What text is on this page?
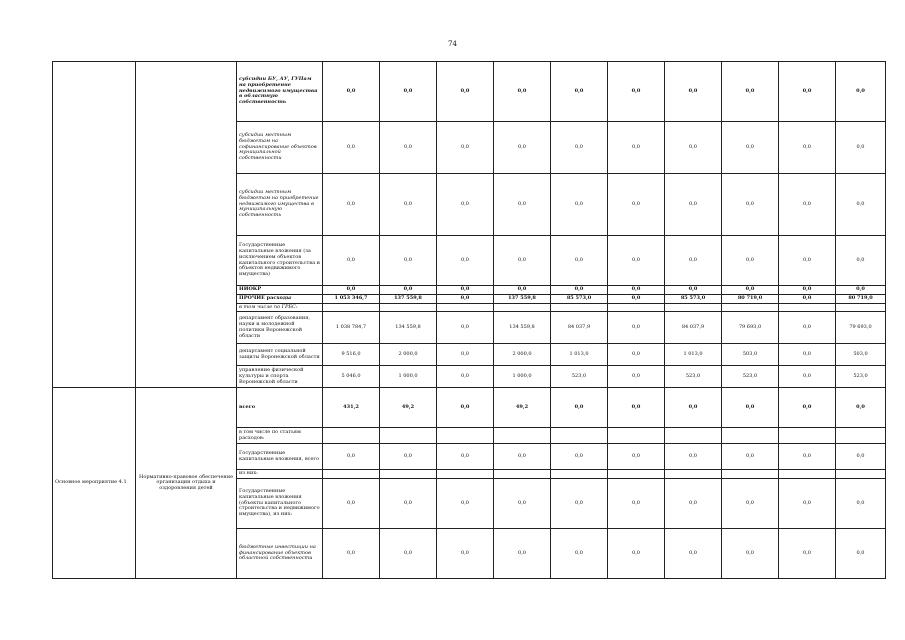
74
		субсидии БУ, АУ, ГУПам на приобретение недвижимого имущества в областную собственность	0,0	0,0	0,0	0,0	0,0	0,0	0,0	0,0	0,0	0,0
		субсидии местным бюджетам на софинансирование объектов муниципальной собственности	0,0	0,0	0,0	0,0	0,0	0,0	0,0	0,0	0,0	0,0
		субсидии местным бюджетам на приобретение недвижимого имущества в муниципальную собственность	0,0	0,0	0,0	0,0	0,0	0,0	0,0	0,0	0,0	0,0
		Государственные капитальные вложения (за исключением объектов капитального строительства и объектов недвижимого имущества)	0,0	0,0	0,0	0,0	0,0	0,0	0,0	0,0	0,0	0,0
		НИОКР	0,0	0,0	0,0	0,0	0,0	0,0	0,0	0,0	0,0	0,0
		ПРОЧИЕ расходы	1 053 346,7	137 559,8	0,0	137 559,8	85 573,0	0,0	85 573,0	80 719,0	0,0	80 719,0
		в том числе по ГРБС:										
		департамент образования, науки и молодежной политики Воронежской области	1 038 784,7	134 559,8	0,0	134 559,8	84 037,9	0,0	84 037,9	79 693,0	0,0	79 693,0
		департамент социальной защиты Воронежской области	9 516,0	2 000,0	0,0	2 000,0	1 013,0	0,0	1 013,0	503,0	0,0	503,0
		управление физической культуры и спорта Воронежской области	5 046,0	1 000,0	0,0	1 000,0	523,0	0,0	523,0	523,0	0,0	523,0
Основное мероприятие 4.1	Нормативно-правовое обеспечение организации отдыха и оздоровления детей	всего	431,2	49,2	0,0	49,2	0,0	0,0	0,0	0,0	0,0	0,0
		в том числе по статьям расходов:										
		Государственные капитальные вложения, всего	0,0	0,0	0,0	0,0	0,0	0,0	0,0	0,0	0,0	0,0
		из них:										
		Государственные капитальные вложения (объекты капитального строительства и недвижимого имущества), из них:	0,0	0,0	0,0	0,0	0,0	0,0	0,0	0,0	0,0	0,0
		бюджетные инвестиции на финансирование объектов областной собственности	0,0	0,0	0,0	0,0	0,0	0,0	0,0	0,0	0,0	0,0
